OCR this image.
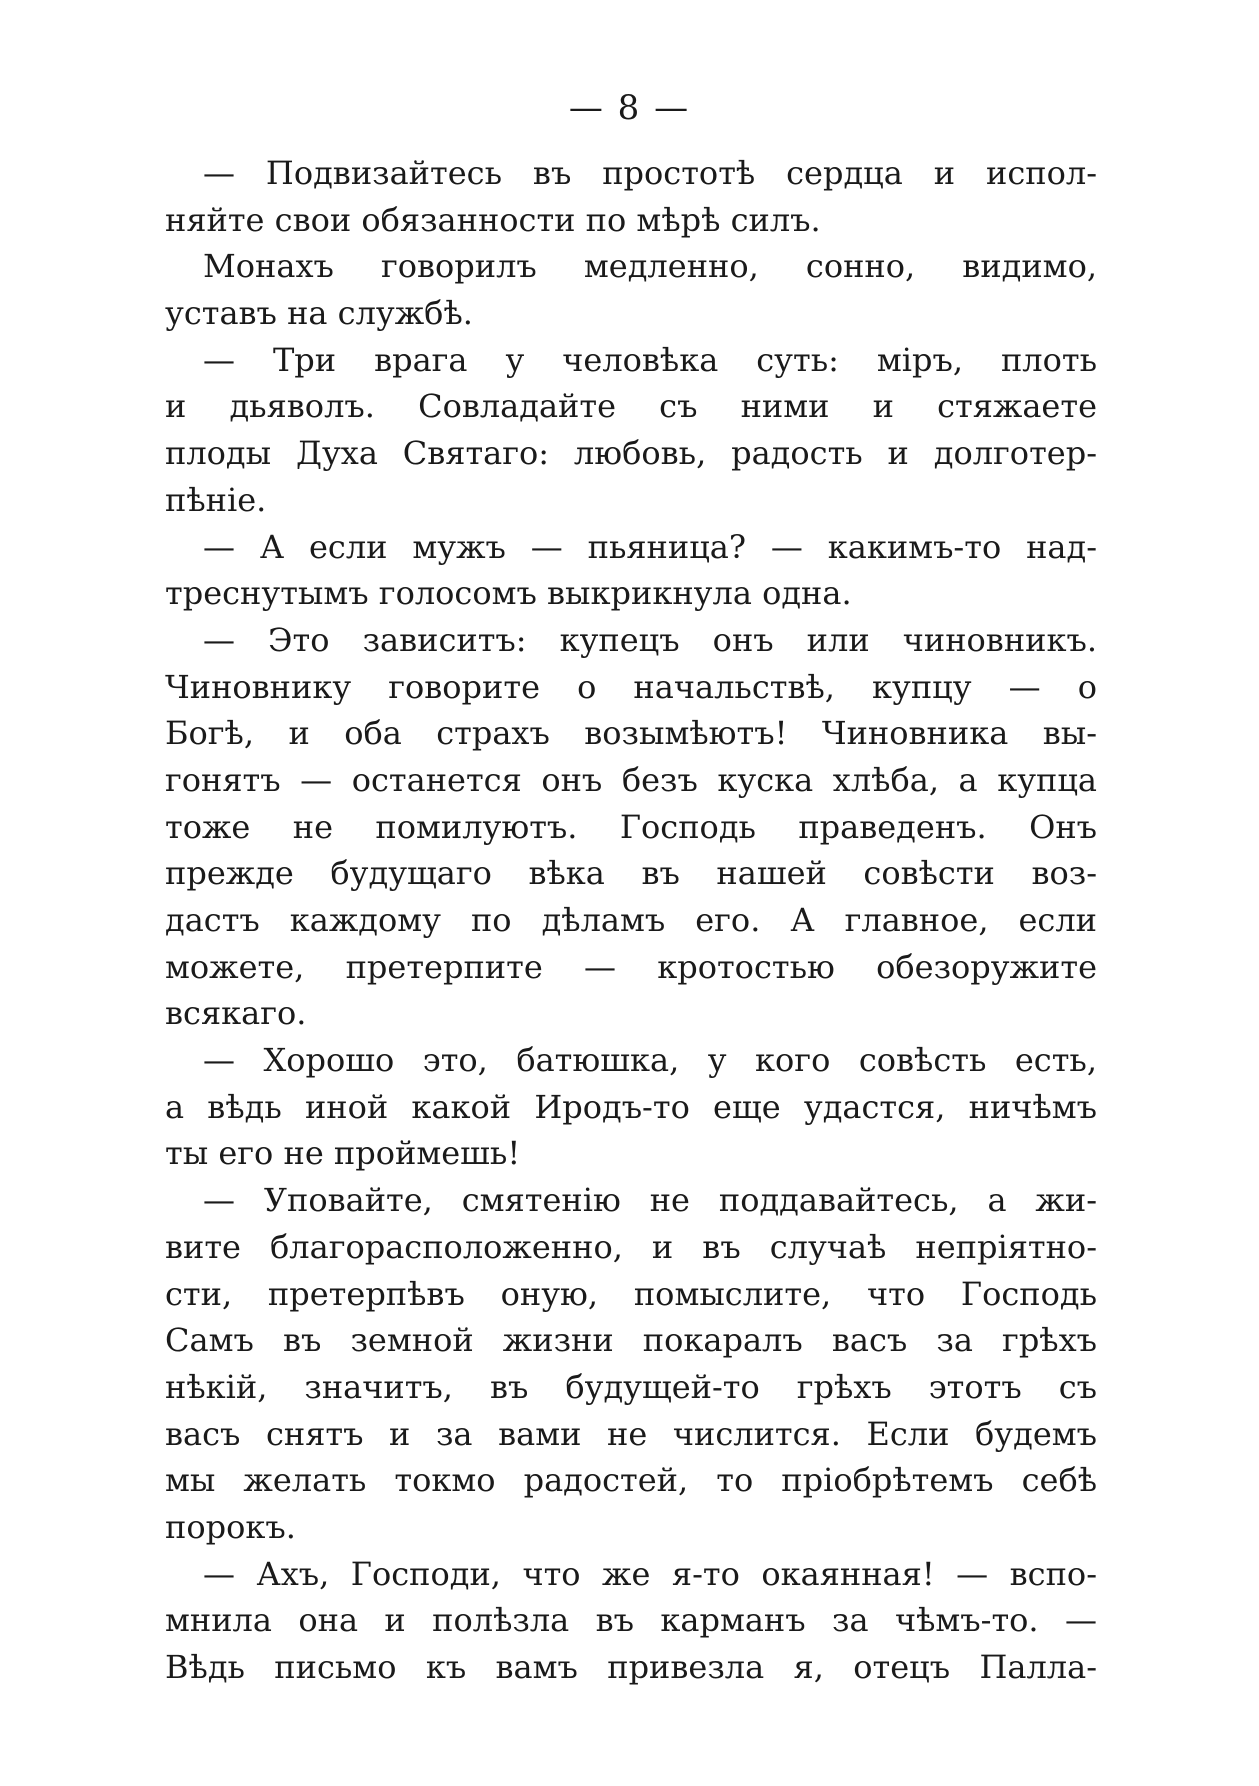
— 8 —
— Подвизайтесь въ простотѣ сердца и испол-
няйте свои обязанности по мѣрѣ силъ.
Монахъ говорилъ медленно, сонно, видимо,
уставъ на службѣ.
— Три врага у человѣка суть: міръ, плоть
и дьяволъ. Совладайте съ ними и стяжаете
плоды Духа Святаго: любовь, радость и долготер-
пѣніе.
— А если мужъ — пьяница? — какимъ-то над-
треснутымъ голосомъ выкрикнула одна.
— Это зависитъ: купецъ онъ или чиновникъ.
Чиновнику говорите о начальствѣ, купцу — о
Богѣ, и оба страхъ возымѣютъ! Чиновника вы-
гонятъ — останется онъ безъ куска хлѣба, а купца
тоже не помилуютъ. Господь праведенъ. Онъ
прежде будущаго вѣка въ нашей совѣсти воз-
дастъ каждому по дѣламъ его. А главное, если
можете, претерпите — кротостью обезоружите
всякаго.
— Хорошо это, батюшка, у кого совѣсть есть,
а вѣдь иной какой Иродъ-то еще удастся, ничѣмъ
ты его не проймешь!
— Уповайте, смятенію не поддавайтесь, а жи-
вите благорасположенно, и въ случаѣ непріятно-
сти, претерпѣвъ оную, помыслите, что Господь
Самъ въ земной жизни покаралъ васъ за грѣхъ
нѣкій, значитъ, въ будущей-то грѣхъ этотъ съ
васъ снятъ и за вами не числится. Если будемъ
мы желать токмо радостей, то пріобрѣтемъ себѣ
порокъ.
— Ахъ, Господи, что же я-то окаянная! — вспо-
мнила она и полѣзла въ карманъ за чѣмъ-то. —
Вѣдь письмо къ вамъ привезла я, отецъ Палла-
